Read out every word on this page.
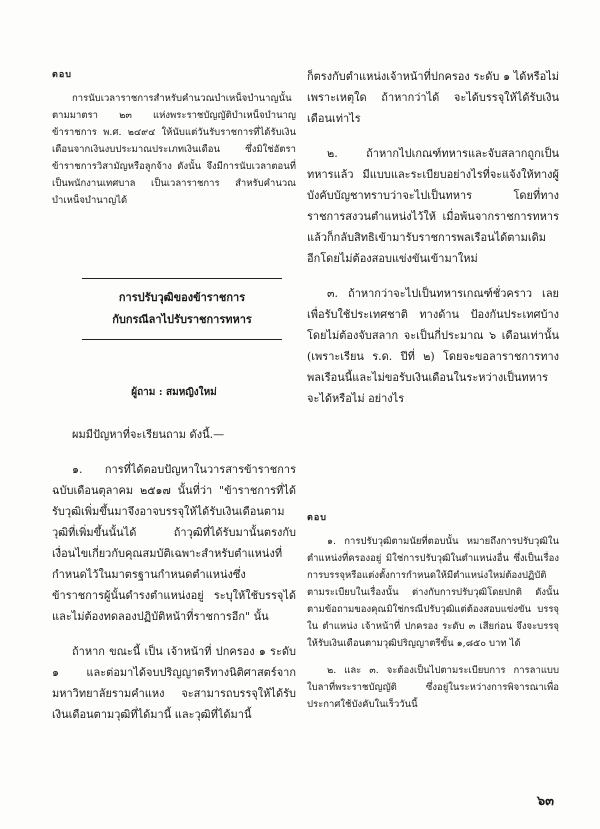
ตอบ

การนับเวลาราชการสำหรับคำนวณบำเหน็จบำนาญนั้นตามมาตรา ๒๓ แห่งพระราชบัญญัติบำเหน็จบำนาญข้าราชการ พ.ศ. ๒๔๙๔ ให้นับแต่วันรับราชการที่ได้รับเงินเดือนจากเงินงบประมาณประเภทเงินเดือน ซึ่งมิใช่อัตราข้าราชการวิสามัญหรือลูกจ้าง ดังนั้น จึงมีการนับเวลาตอนที่เป็นพนักงานเทศบาล เป็นเวลาราชการ สำหรับคำนวณบำเหน็จบำนาญได้

การปรับวุฒิของข้าราชการ
กับกรณีลาไปรับราชการทหาร
ผู้ถาม : สมหญิงใหม่

ผมมีปัญหาที่จะเรียนถาม ดังนี้.—

๑. การที่ได้ตอบปัญหาในวารสารข้าราชการฉบับเดือนตุลาคม ๒๕๑๗ นั้นที่ว่า "ข้าราชการที่ได้รับวุฒิเพิ่มขึ้นมาจึงอาจบรรจุให้ได้รับเงินเดือนตามวุฒิที่เพิ่มขึ้นนั้นได้ ถ้าวุฒิที่ได้รับมานั้นตรงกับเงื่อนไขเกี่ยวกับคุณสมบัติเฉพาะสำหรับตำแหน่งที่กำหนดไว้ในมาตรฐานกำหนดตำแหน่งซึ่งข้าราชการผู้นั้นดำรงตำแหน่งอยู่ ระบุให้ใช้บรรจุได้และไม่ต้องทดลองปฏิบัติหน้าที่ราชการอีก" นั้น

ถ้าหาก ขณะนี้ เป็น เจ้าหน้าที่ ปกครอง ๑ ระดับ ๑ และต่อมาได้จบปริญญาตรีทางนิติศาสตร์จากมหาวิทยาลัยรามคำแหง จะสามารถบรรจุให้ได้รับเงินเดือนตามวุฒิที่ได้มานี้ และวุฒิที่ได้มานี้

ก็ตรงกับตำแหน่งเจ้าหน้าที่ปกครอง ระดับ ๑ ได้หรือไม่ เพราะเหตุใด ถ้าหากว่าได้ จะได้บรรจุให้ได้รับเงินเดือนเท่าไร

๒. ถ้าหากไปเกณฑ์ทหารและจับสลากถูกเป็นทหารแล้ว มีแบบและระเบียบอย่างไรที่จะแจ้งให้ทางผู้บังคับบัญชาทราบว่าจะไปเป็นทหาร โดยที่ทางราชการสงวนตำแหน่งไว้ให้ เมื่อพ้นจากราชการทหาร แล้วก็กลับสิทธิเข้ามารับราชการพลเรือนได้ตามเดิมอีกโดยไม่ต้องสอบแข่งขันเข้ามาใหม่

๓. ถ้าหากว่าจะไปเป็นทหารเกณฑ์ชั่วคราว เลยเพื่อรับใช้ประเทศชาติ ทางด้าน ป้องกันประเทศบ้าง โดยไม่ต้องจับสลาก จะเป็นกี่ประมาณ ๖ เดือนเท่านั้น (เพราะเรียน ร.ด. ปีที่ ๒) โดยจะขอลาราชการทางพลเรือนนี้และไม่ขอรับเงินเดือนในระหว่างเป็นทหารจะได้หรือไม่ อย่างไร

ตอบ

๑. การปรับวุฒิตามนัยที่ตอบนั้น หมายถึงการปรับวุฒิในตำแหน่งที่ครองอยู่ มิใช่การปรับวุฒิในตำแหน่งอื่น ซึ่งเป็นเรื่องการบรรจุหรือแต่งตั้งการกำหนดให้มีตำแหน่งใหม่ต้องปฏิบัติตามระเบียบในเรื่องนั้น ต่างกับการปรับวุฒิโดยปกติ ดังนั้น ตามข้อถามของคุณมิใช่กรณีปรับวุฒิแต่ต้องสอบแข่งขัน บรรจุใน ตำแหน่ง เจ้าหน้าที่ ปกครอง ระดับ ๓ เสียก่อน จึงจะบรรจุให้รับเงินเดือนตามวุฒิปริญญาตรีขั้น ๑,๘๕๐ บาท ได้

๒. และ ๓. จะต้องเป็นไปตามระเบียบการ การลาแบบใบลาที่พระราชบัญญัติ ซึ่งอยู่ในระหว่างการพิจารณาเพื่อประกาศใช้บังคับในเร็ววันนี้

๖๓
